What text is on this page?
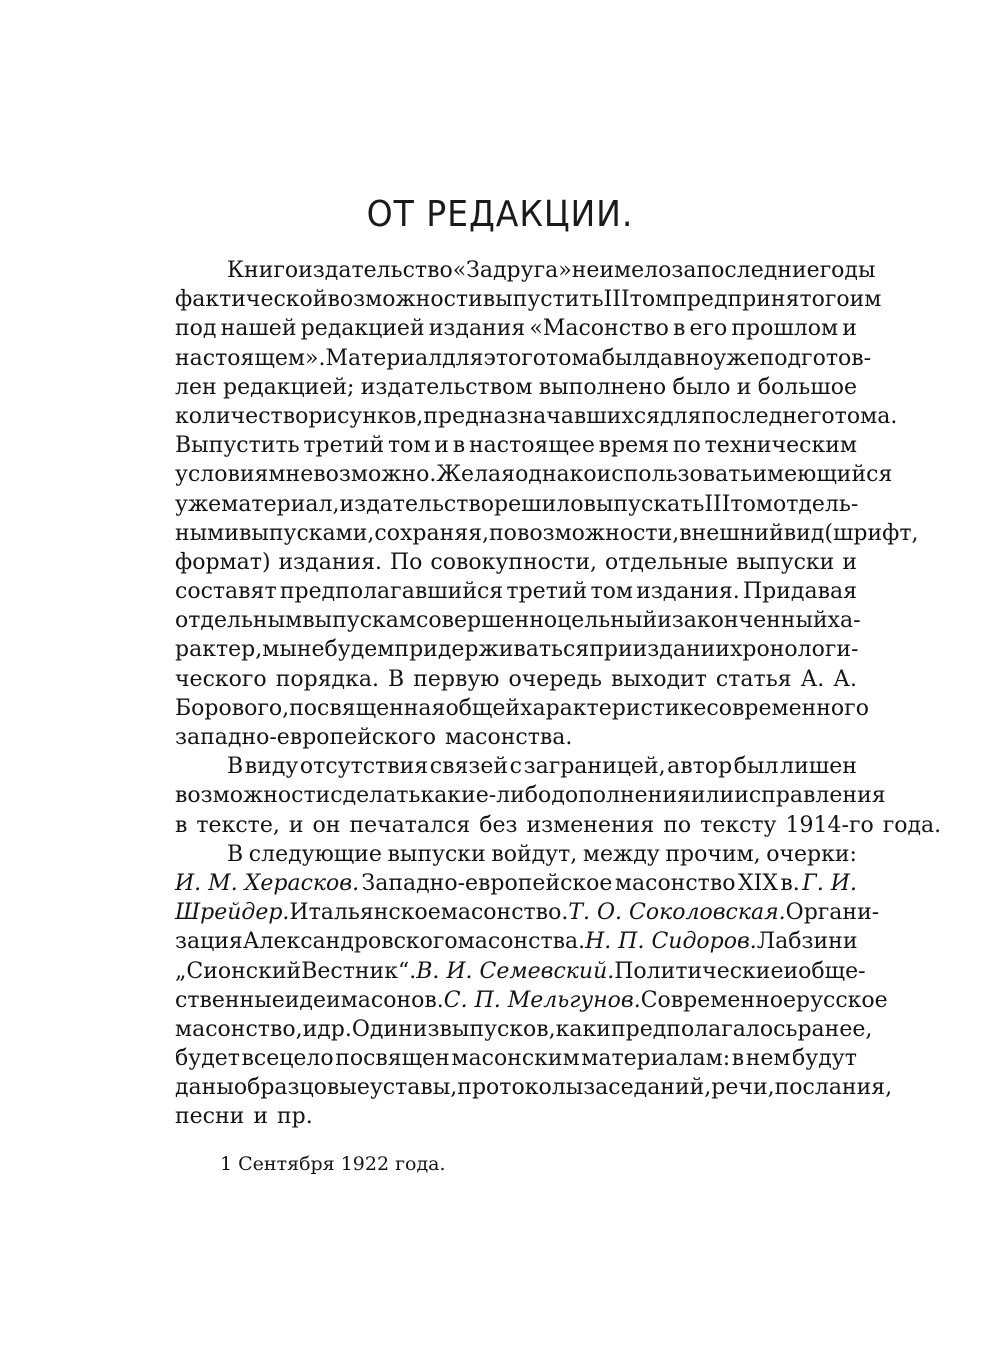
ОТ РЕДАКЦИИ.
Книгоиздательство «Задруга» не имело за последние годы
фактической возможности выпустить III том предпринятого им
под нашей редакцией издания «Масонство в его прошлом и
настоящем». Материал для этого тома был давно уже подготов-
лен редакцией; издательством выполнено было и большое
количество рисунков, предназначавшихся для последнего тома.
Выпустить третий том и в настоящее время по техническим
условиям невозможно. Желая однако использовать имеющийся
уже материал, издательство решило выпускать III том отдель-
ными выпусками, сохраняя, по возможности, внешний вид (шрифт,
формат) издания. По совокупности, отдельные выпуски и
составят предполагавшийся третий том издания. Придавая
отдельным выпускам совершенно цельный и законченный ха-
рактер, мы не будем придерживаться при издании хронологи-
ческого порядка. В первую очередь выходит статья А. А.
Борового, посвященная общей характеристике современного
западно-европейского масонства.
В виду отсутствия связей с заграницей, автор был лишен
возможности сделать какие-либо дополнения или исправления
в тексте, и он печатался без изменения по тексту 1914-го года.
В следующие выпуски войдут, между прочим, очерки:
И. М. Херасков. Западно-европейское масонство XIX в. Г. И.
Шрейдер. Итальянское масонство. Т. О. Соколовская. Органи-
зация Александровского масонства. Н. П. Сидоров. Лабзин и
„Сионский Вестник“. В. И. Семевский. Политические и обще-
ственные идеи масонов. С. П. Мельгунов. Современное русское
масонство, и др. Один из выпусков, как и предполагалось ранее,
будет всецело посвящен масонским материалам: в нем будут
даны образцовые уставы, протоколы заседаний, речи, послания,
песни и пр.
1 Сентября 1922 года.
